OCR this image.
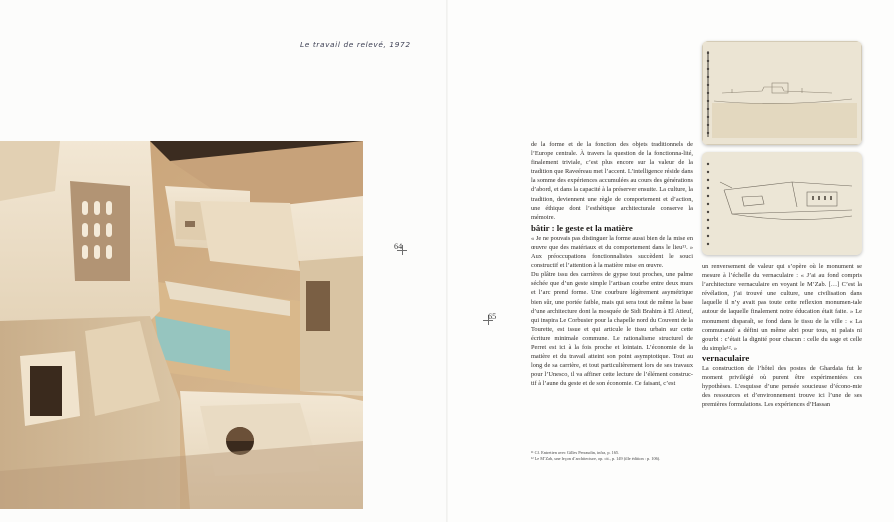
Le travail de relevé, 1972
64
65

de la forme et de la fonction des objets traditionnels de l’Europe centrale. À travers la question de la fonctionna-lité, finalement triviale, c’est plus encore sur la valeur de la tradition que Raveéreau met l’accent. L’intelligence résidе dans la somme des expériences accumulées au cours des générations d’abord, et dans la capacité à la préserver ensuite. La culture, la tradition, deviennent une règle de comportement et d’action, une éthique dont l’esthétique architecturale conserve la mémoire.

bâtir : le geste et la matière

« Je ne pouvais pas distinguer la forme aussi bien de la mise en œuvre que des matériaux et du comportement dans le lieu¹¹. » Aux préoccupations fonctionnalistes succèdent le souci constructif et l’attention à la matière mise en œuvre.

Du plâtre issu des carrières de gypse tout proches, une palme séchée que d’un geste simple l’artisan courbe entre deux murs et l’arc prend forme. Une courbure légèrement asymétrique bien sûr, une portée faible, mais qui sera tout de même la base d’une architecture dont la mosquée de Sidi Brahim à El Atteuf, qui inspira Le Corbusier pour la chapelle nord du Couvent de la Tourette, est issue et qui articule le tissu urbain sur cette écriture minimale commune. Le rationalisme structurel de Perret est ici à la fois proche et lointain. L’économie de la matière et du travail atteint son point asymptotique. Tout au long de sa carrière, et tout particulièrement lors de ses travaux pour l’Unesco, il va affiner cette lecture de l’élément construc-tif à l’aune du geste et de son économie. Ce faisant, c’est

un renversement de valeur qui s’opère où le monument se mesure à l’échelle du vernaculaire : « J’ai au fond compris l’architecture vernaculaire en voyant le M’Zab. […] C’est la révélation, j’ai trouvé une culture, une civilisation dans laquelle il n’y avait pas toute cette reflexion monumen-tale autour de laquelle finalement notre éducation était faite. » Le monument disparaît, se fond dans le tissu de la ville : « La communauté a défini un même abri pour tous, ni palais ni gourbi : c’était la dignité pour chacun : celle du sage et celle du simple¹². »

vernaculaire

La construction de l’hôtel des postes de Ghardaïa fut le moment privilégié où purent être expérimentées ces hypothèses. L’esquisse d’une pensée soucieuse d’écono-mie des ressources et d’environnement trouve ici l’une de ses premières formulations. Les expériences d’Hassan

¹¹ Cf. Entretien avec Gilles Perraudin, infra, p. 165.
¹² Le M’Zab, une leçon d’architecture, op. cit., p. 149 (ille édition : p. 106).
